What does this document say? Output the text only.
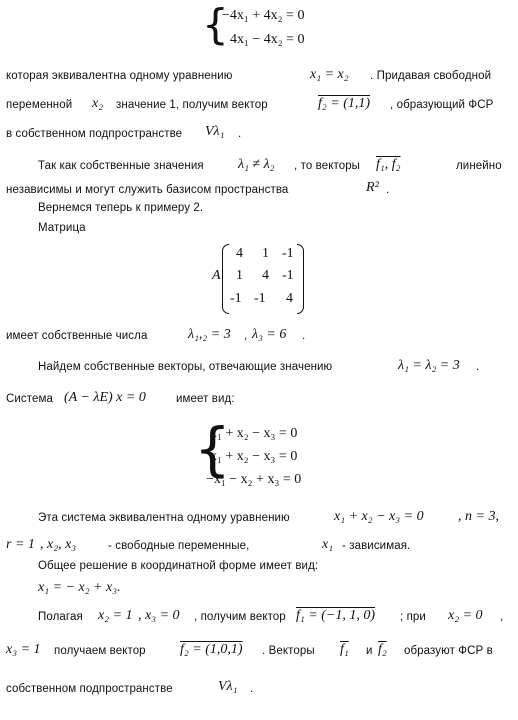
{
−4x₁ + 4x₂ = 0
4x₁ − 4x₂ = 0
которая эквивалентна одному уравнению	x₁ = x₂ . Придавая свободной
переменной x₂ значение 1, получим вектор	f₂ = (1,1) , образующий ФСР
в собственном подпространстве Vλ₁ .
Так как собственные значения λ₁ ≠ λ₂ , то векторы f₁, f₂	линейно
независимы и могут служить базисом пространства	R² .
Вернемся теперь к примеру 2.
Матрица
A
4 1 -1
1 4 -1
-1 -1 4
имеет собственные числа	λ₁,₂ = 3 , λ₃ = 6 .
Найдем собственные векторы, отвечающие значению	λ₁ = λ₂ = 3 .
Система (A − λE) x = 0	имеет вид:
{
x₁ + x₂ − x₃ = 0
x₁ + x₂ − x₃ = 0
−x₁ − x₂ + x₃ = 0
Эта система эквивалентна одному уравнению	x₁ + x₂ − x₃ = 0 , n = 3,
r = 1 , x₂, x₃	- свободные переменные,	x₁ - зависимая.
Общее решение в координатной форме имеет вид:
x₁ = − x₂ + x₃.
Полагая x₂ = 1 , x₃ = 0 , получим вектор f₁ = (−1, 1, 0) ; при x₂ = 0 ,
x₃ = 1 получаем вектор f₂ = (1,0,1) . Векторы f₁ и f₂ образуют ФСР в
собственном подпространстве	Vλ₁ .
